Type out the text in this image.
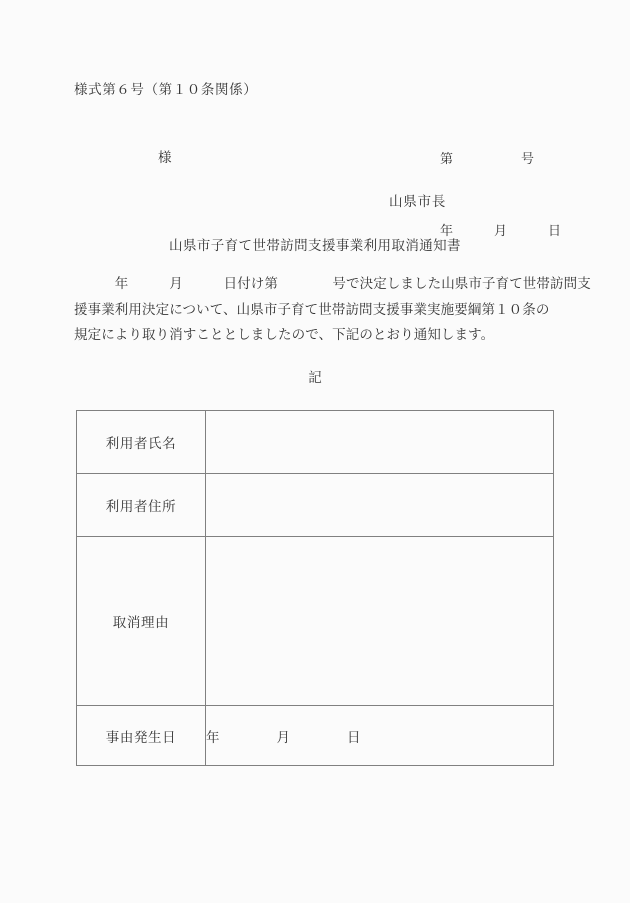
様式第６号（第１０条関係）

第　　　　　号

年　　　月　　　日

様
山県市長
山県市子育て世帯訪問支援事業利用取消通知書
　　　年　　　月　　　日付け第　　　　号で決定しました山県市子育て世帯訪問支
援事業利用決定について、山県市子育て世帯訪問支援事業実施要綱第１０条の
規定により取り消すこととしましたので、下記のとおり通知します。
記
利用者氏名	
利用者住所	
取消理由	
事由発生日	年　　　　月　　　　日
